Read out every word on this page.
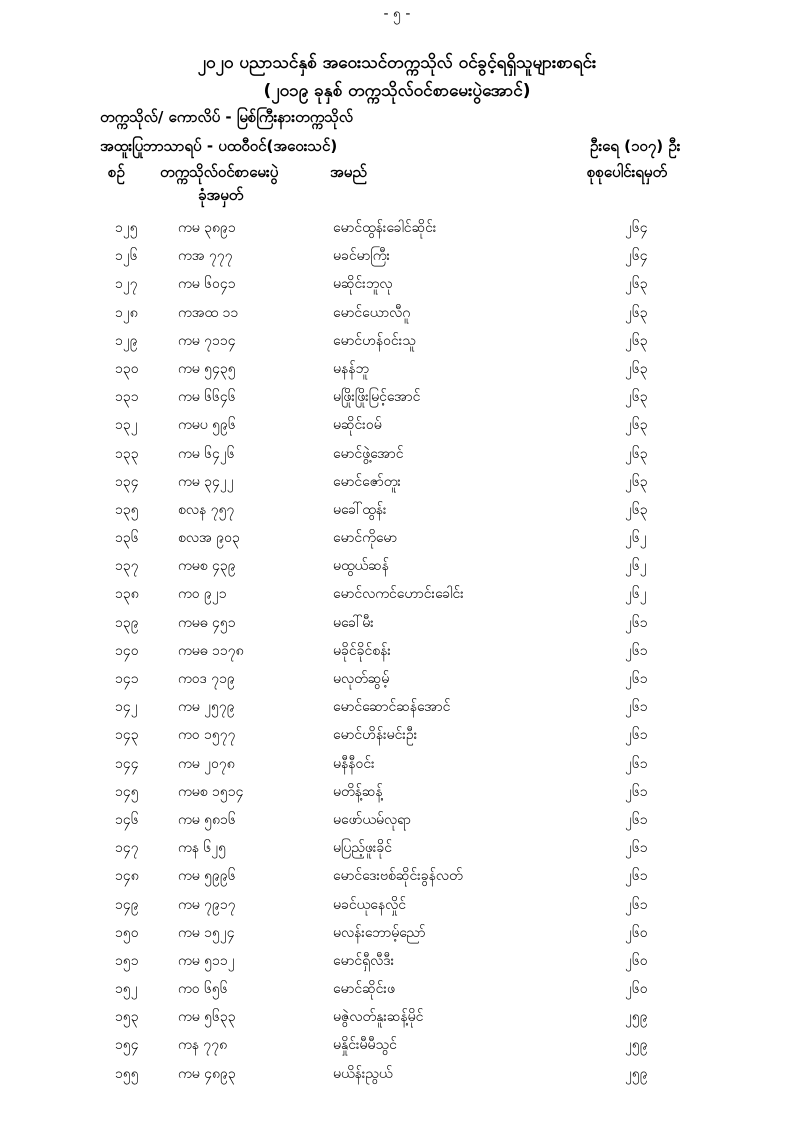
- ၅ -
၂၀၂၀ ပညာသင်နှစ် အဝေးသင်တက္ကသိုလ် ဝင်ခွင့်ရရှိသူများစာရင်း
(၂၀၁၉ ခုနှစ် တက္ကသိုလ်ဝင်စာမေးပွဲအောင်)
တက္ကသိုလ်/ ကောလိပ် - မြစ်ကြီးနားတက္ကသိုလ်
အထူးပြုဘာသာရပ် - ပထဝီဝင်(အဝေးသင်)	ဦးရေ (၁၀၇) ဦး
စဉ် တက္ကသိုလ်ဝင်စာမေးပွဲ
ခုံအမှတ်
အမည်	စုစုပေါင်းရမှတ်
၁၂၅	ကမ ၃၈၉၁	မောင်ထွန်းခေါင်ဆိုင်း	၂၆၄
၁၂၆	ကအ ၇၇၇	မခင်မာကြီး	၂၆၄
၁၂၇	ကမ ၆၀၄၁	မဆိုင်းဘူလု	၂၆၃
၁၂၈	ကအထ ၁၁	မောင်ယောလီဂူ	၂၆၃
၁၂၉	ကမ ၇၁၁၄	မောင်ဟန်ဝင်းသူ	၂၆၃
၁၃၀	ကမ ၅၄၃၅	မနန်ဘူ	၂၆၃
၁၃၁	ကမ ၆၆၄၆	မဖြိုးဖြိုးမြင့်အောင်	၂၆၃
၁၃၂	ကမပ ၅၉၆	မဆိုင်းဝမ်	၂၆၃
၁၃၃	ကမ ၆၄၂၆	မောင်ဖွဲ့အောင်	၂၆၃
၁၃၄	ကမ ၃၄၂၂	မောင်ဇော်တူး	၂၆၃
၁၃၅	စလန ၇၅၇	မခေါ်ထွန်း	၂၆၃
၁၃၆	စလအ ၉၀၃	မောင်ကိုမော	၂၆၂
၁၃၇	ကမစ ၄၃၉	မထွယ်ဆန်	၂၆၂
၁၃၈	ကဝ ၉၂၁	မောင်လကင်ဟောင်းခေါင်း	၂၆၂
၁၃၉	ကမဓ ၄၅၁	မခေါ်မီး	၂၆၁
၁၄၀	ကမဓ ၁၁၇၈	မခိုင်ခိုင်စန်း	၂၆၁
၁၄၁	ကဝဒ ၇၁၉	မလုတ်ဆွမ့်	၂၆၁
၁၄၂	ကမ ၂၅၇၉	မောင်ဆောင်ဆန်အောင်	၂၆၁
၁၄၃	ကဝ ၁၅၇၇	မောင်ဟိန်းမင်းဦး	၂၆၁
၁၄၄	ကမ ၂၀၇၈	မနီနီဝင်း	၂၆၁
၁၄၅	ကမစ ၁၅၁၄	မတိန့်ဆန့်	၂၆၁
၁၄၆	ကမ ၅၈၁၆	မဖော်ယမ်လုရာ	၂၆၁
၁၄၇	ကန ၆၂၅	မပြည့်ဖူးခိုင်	၂၆၁
၁၄၈	ကမ ၅၉၉၆	မောင်ဒေးဗစ်ဆိုင်းခွန်လတ်	၂၆၁
၁၄၉	ကမ ၇၉၁၇	မခင်ယုနေလှိုင်	၂၆၁
၁၅၀	ကမ ၁၅၂၄	မလန်းဘောမ့်ညော်	၂၆၀
၁၅၁	ကမ ၅၁၁၂	မောင်ရှီလီဒီး	၂၆၀
၁၅၂	ကဝ ၆၅၆	မောင်ဆိုင်းဖ	၂၆၀
၁၅၃	ကမ ၅၆၃၃	မဇွဲလတ်နူးဆန့်မိုင်	၂၅၉
၁၅၄	ကန ၇၇၈	မနှိုင်းမီမီသွင်	၂၅၉
၁၅၅	ကမ ၄၈၉၃	မယိန်းညွယ်	၂၅၉
